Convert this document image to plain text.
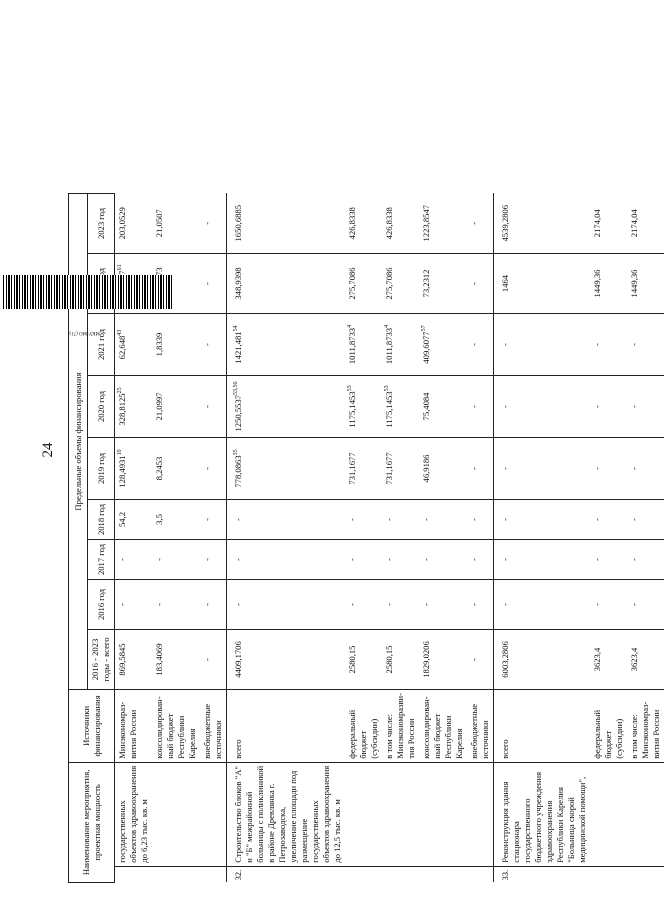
24
Наименование мероприятия, проектная мощность		Источники финансирования	Предельные объемы финансирования								
			2016 - 2023 годы - всего	2016 год	2017 год	2018 год	2019 год	2020 год	2021 год		2023 год
	государственных объектов здравоохранения до 6,23 тыс. кв. м	Минэкономраз-вития России	869,5845	-	-	54,2	128,4931$^{10}$	328,8125$^{25}$	62,648$^{43}$	$^{61}$	203,0529
		консолидирован-ный бюджет Республики Карелия	183,4069	-	-	3,5	8,2453	21,0997	1,8339		21,0507
		внебюджетные источники	-	-	-	-	-	-	-	-	-
32.	Строительство блоков "А" и "Б" межрайонной больницы с поликлиникой в районе Древлянка г. Петрозаводска, увеличение площади под размещение государственных объектов здравоохранения до 12,5 тыс. кв. м	всего	4409,1706	-	-	-	778,0863$^{35}$	1250,5537$^{53,56}$	1421,481$^{54}$	348,9398	1650,6885
		федеральный бюджет (субсидии)	2580,15	-	-	-	731,1677	1175,1453$^{53}$	1011,8733$^4$	275,7086	426,8338
		в том числе: Минэкономразви-тия России	2580,15	-	-	-	731,1677	1175,1453$^{53}$	1011,8733$^4$	275,7086	426,8338
		консолидирован-ный бюджет Республики Карелия	1829,0206	-	-	-	46,9186	75,4084	409,6077$^{57}$	73,2312	1223,8547
		внебюджетные источники	-	-	-	-	-	-	-	-	-
33.	Реконструкция здания стационара государственного бюджетного учреждения здравоохранения Республики Карелия "Больница скорой медицинской помощи",	всего	6003,2806	-	-	-	-	-	-	1464	4539,2806
		федеральный бюджет (субсидии)	3623,4	-	-	-	-	-	-	1449,36	2174,04
		в том числе: Минэкономраз-вития России	3623,4	-	-	-	-	-	-	1449,36	2174,04
МКУ-МО (71)
